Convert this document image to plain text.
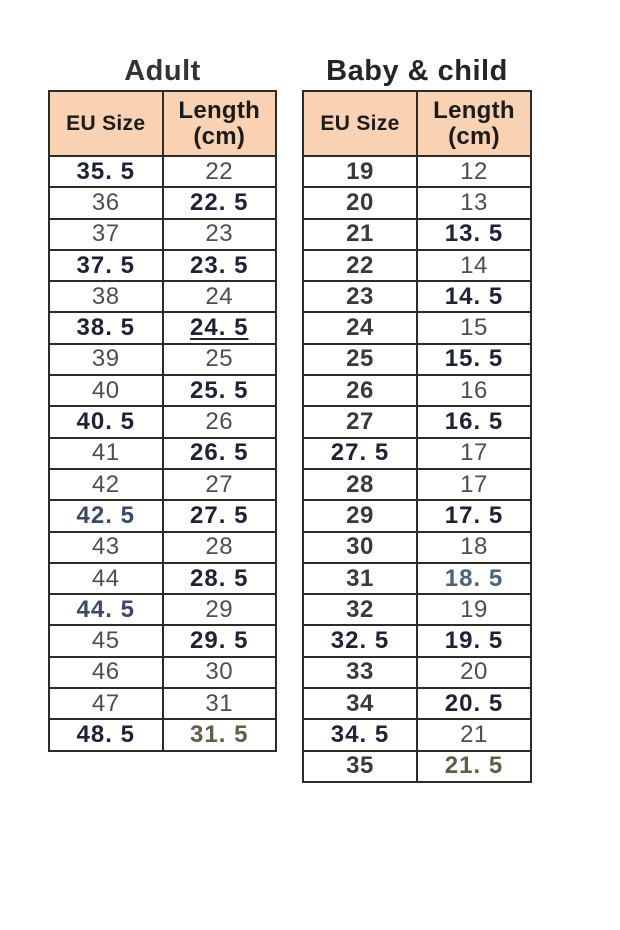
Adult
EU Size	Length (cm)
35. 5	22
36	22. 5
37	23
37. 5	23. 5
38	24
38. 5	24. 5
39	25
40	25. 5
40. 5	26
41	26. 5
42	27
42. 5	27. 5
43	28
44	28. 5
44. 5	29
45	29. 5
46	30
47	31
48. 5	31. 5
Baby & child
EU Size	Length (cm)
19	12
20	13
21	13. 5
22	14
23	14. 5
24	15
25	15. 5
26	16
27	16. 5
27. 5	17
28	17
29	17. 5
30	18
31	18. 5
32	19
32. 5	19. 5
33	20
34	20. 5
34. 5	21
35	21. 5
